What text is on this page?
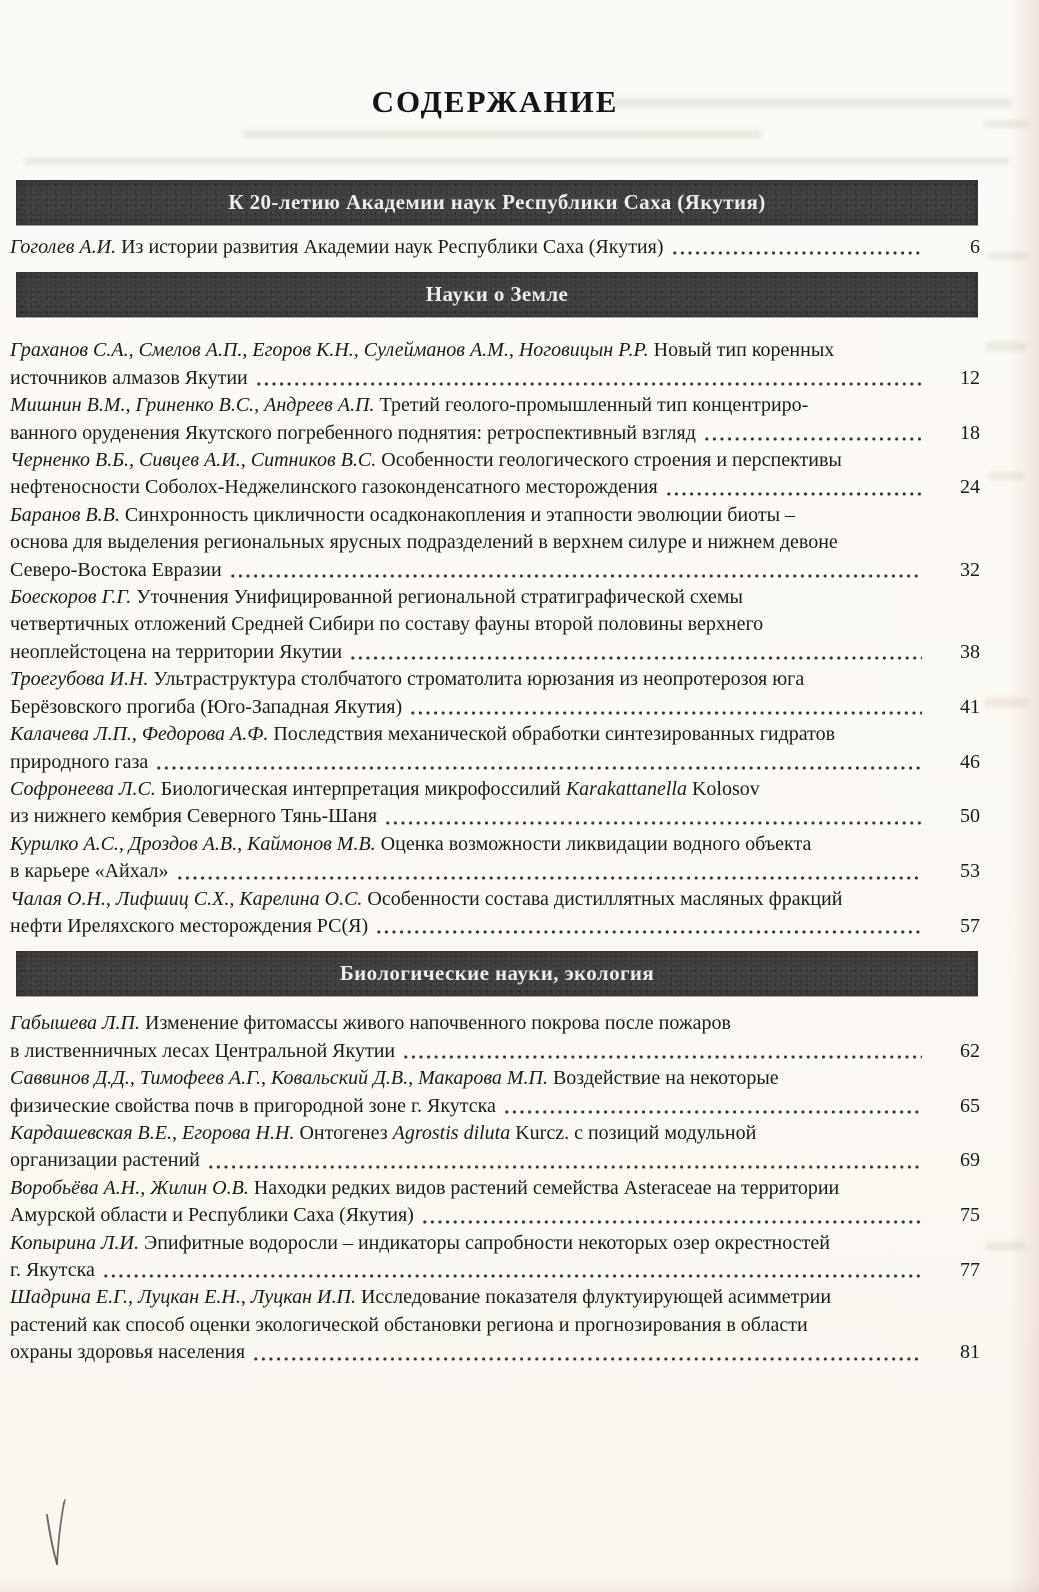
СОДЕРЖАНИЕ
К 20-летию Академии наук Республики Саха (Якутия)
Гоголев А.И. Из истории развития Академии наук Республики Саха (Якутия)	6
Науки о Земле
Граханов С.А., Смелов А.П., Егоров К.Н., Сулейманов А.М., Ноговицын Р.Р. Новый тип коренных
источников алмазов Якутии	12
Мишнин В.М., Гриненко В.С., Андреев А.П. Третий геолого-промышленный тип концентриро-
ванного оруденения Якутского погребенного поднятия: ретроспективный взгляд	18
Черненко В.Б., Сивцев А.И., Ситников В.С. Особенности геологического строения и перспективы
нефтеносности Соболох-Неджелинского газоконденсатного месторождения	24
Баранов В.В. Синхронность цикличности осадконакопления и этапности эволюции биоты –
основа для выделения региональных ярусных подразделений в верхнем силуре и нижнем девоне
Северо-Востока Евразии	32
Боескоров Г.Г. Уточнения Унифицированной региональной стратиграфической схемы
четвертичных отложений Средней Сибири по составу фауны второй половины верхнего
неоплейстоцена на территории Якутии	38
Троегубова И.Н. Ультраструктура столбчатого строматолита юрюзания из неопротерозоя юга
Берёзовского прогиба (Юго-Западная Якутия)	41
Калачева Л.П., Федорова А.Ф. Последствия механической обработки синтезированных гидратов
природного газа	46
Софронеева Л.С. Биологическая интерпретация микрофоссилий Karakattanella Kolosov
из нижнего кембрия Северного Тянь-Шаня	50
Курилко А.С., Дроздов А.В., Каймонов М.В. Оценка возможности ликвидации водного объекта
в карьере «Айхал»	53
Чалая О.Н., Лифшиц С.Х., Карелина О.С. Особенности состава дистиллятных масляных фракций
нефти Иреляхского месторождения РС(Я)	57
Биологические науки, экология
Габышева Л.П. Изменение фитомассы живого напочвенного покрова после пожаров
в лиственничных лесах Центральной Якутии	62
Саввинов Д.Д., Тимофеев А.Г., Ковальский Д.В., Макарова М.П. Воздействие на некоторые
физические свойства почв в пригородной зоне г. Якутска	65
Кардашевская В.Е., Егорова Н.Н. Онтогенез Agrostis diluta Kurcz. с позиций модульной
организации растений	69
Воробьёва А.Н., Жилин О.В. Находки редких видов растений семейства Asteraceae на территории
Амурской области и Республики Саха (Якутия)	75
Копырина Л.И. Эпифитные водоросли – индикаторы сапробности некоторых озер окрестностей
г. Якутска	77
Шадрина Е.Г., Луцкан Е.Н., Луцкан И.П. Исследование показателя флуктуирующей асимметрии
растений как способ оценки экологической обстановки региона и прогнозирования в области
охраны здоровья населения	81
